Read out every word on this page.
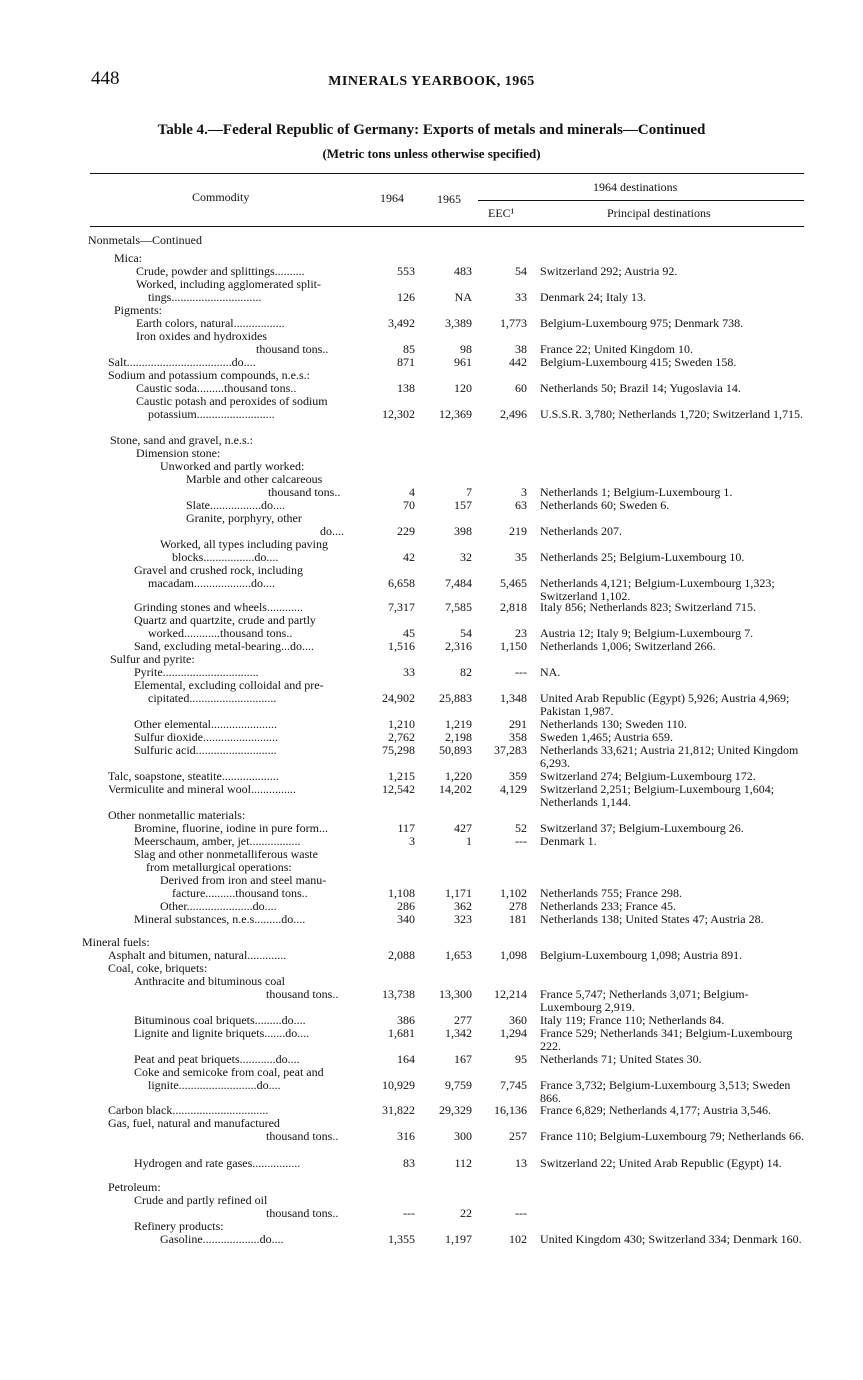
448	MINERALS YEARBOOK, 1965
Table 4.—Federal Republic of Germany: Exports of metals and minerals—Continued
(Metric tons unless otherwise specified)
Commodity	1964	1965
1964 destinations
EEC¹	Principal destinations
Nonmetals—Continued
Mica:
Crude, powder and splittings..........	553	483	54 Switzerland 292; Austria 92.
Worked, including agglomerated split-
tings..............................	126	NA	33 Denmark 24; Italy 13.
Pigments:
Earth colors, natural.................	3,492	3,389 1,773 Belgium-Luxembourg 975; Denmark 738.
Iron oxides and hydroxides
thousand tons..	85	98	38 France 22; United Kingdom 10.
Salt...................................do....	871	961	442 Belgium-Luxembourg 415; Sweden 158.
Sodium and potassium compounds, n.e.s.:
Caustic soda.........thousand tons..	138	120	60 Netherlands 50; Brazil 14; Yugoslavia 14.
Caustic potash and peroxides of sodium
potassium..........................	12,302 12,369 2,496 U.S.S.R. 3,780; Netherlands 1,720; Switzerland 1,715.
Stone, sand and gravel, n.e.s.:
Dimension stone:
Unworked and partly worked:
Marble and other calcareous
thousand tons..	4	7	3 Netherlands 1; Belgium-Luxembourg 1.
Slate.................do....	70	157	63 Netherlands 60; Sweden 6.
Granite, porphyry, other
do....	229	398	219 Netherlands 207.
Worked, all types including paving
blocks.................do....	42	32	35 Netherlands 25; Belgium-Luxembourg 10.
Gravel and crushed rock, including
macadam...................do....	6,658	7,484 5,465 Netherlands 4,121; Belgium-Luxembourg 1,323; Switzerland 1,102.
Grinding stones and wheels............	7,317	7,585 2,818 Italy 856; Netherlands 823; Switzerland 715.
Quartz and quartzite, crude and partly
worked............thousand tons..	45	54	23 Austria 12; Italy 9; Belgium-Luxembourg 7.
Sand, excluding metal-bearing...do....	1,516	2,316 1,150 Netherlands 1,006; Switzerland 266.
Sulfur and pyrite:
Pyrite................................	33	82	--- NA.
Elemental, excluding colloidal and pre-
cipitated.............................	24,902 25,883 1,348 United Arab Republic (Egypt) 5,926; Austria 4,969; Pakistan 1,987.
Other elemental......................	1,210	1,219	291 Netherlands 130; Sweden 110.
Sulfur dioxide.........................	2,762	2,198	358 Sweden 1,465; Austria 659.
Sulfuric acid...........................	75,298 50,893 37,283 Netherlands 33,621; Austria 21,812; United Kingdom 6,293.
Talc, soapstone, steatite...................	1,215	1,220	359 Switzerland 274; Belgium-Luxembourg 172.
Vermiculite and mineral wool...............	12,542 14,202 4,129 Switzerland 2,251; Belgium-Luxembourg 1,604; Netherlands 1,144.
Other nonmetallic materials:
Bromine, fluorine, iodine in pure form...	117	427	52 Switzerland 37; Belgium-Luxembourg 26.
Meerschaum, amber, jet.................	3	1	--- Denmark 1.
Slag and other nonmetalliferous waste
from metallurgical operations:
Derived from iron and steel manu-
facture..........thousand tons..	1,108	1,171 1,102 Netherlands 755; France 298.
Other......................do....	286	362	278 Netherlands 233; France 45.
Mineral substances, n.e.s.........do....	340	323	181 Netherlands 138; United States 47; Austria 28.
Mineral fuels:
Asphalt and bitumen, natural.............	2,088	1,653 1,098 Belgium-Luxembourg 1,098; Austria 891.
Coal, coke, briquets:
Anthracite and bituminous coal
thousand tons..	13,738 13,300 12,214 France 5,747; Netherlands 3,071; Belgium-Luxembourg 2,919.
Bituminous coal briquets.........do....	386	277	360 Italy 119; France 110; Netherlands 84.
Lignite and lignite briquets.......do....	1,681	1,342 1,294 France 529; Netherlands 341; Belgium-Luxembourg 222.
Peat and peat briquets............do....	164	167	95 Netherlands 71; United States 30.
Coke and semicoke from coal, peat and
lignite..........................do....	10,929	9,759 7,745 France 3,732; Belgium-Luxembourg 3,513; Sweden 866.
Carbon black................................	31,822 29,329 16,136 France 6,829; Netherlands 4,177; Austria 3,546.
Gas, fuel, natural and manufactured
thousand tons..	316	300	257 France 110; Belgium-Luxembourg 79; Netherlands 66.
Hydrogen and rate gases................	83	112	13 Switzerland 22; United Arab Republic (Egypt) 14.
Petroleum:
Crude and partly refined oil
thousand tons..	---	22	---
Refinery products:
Gasoline...................do....	1,355	1,197	102 United Kingdom 430; Switzerland 334; Denmark 160.
